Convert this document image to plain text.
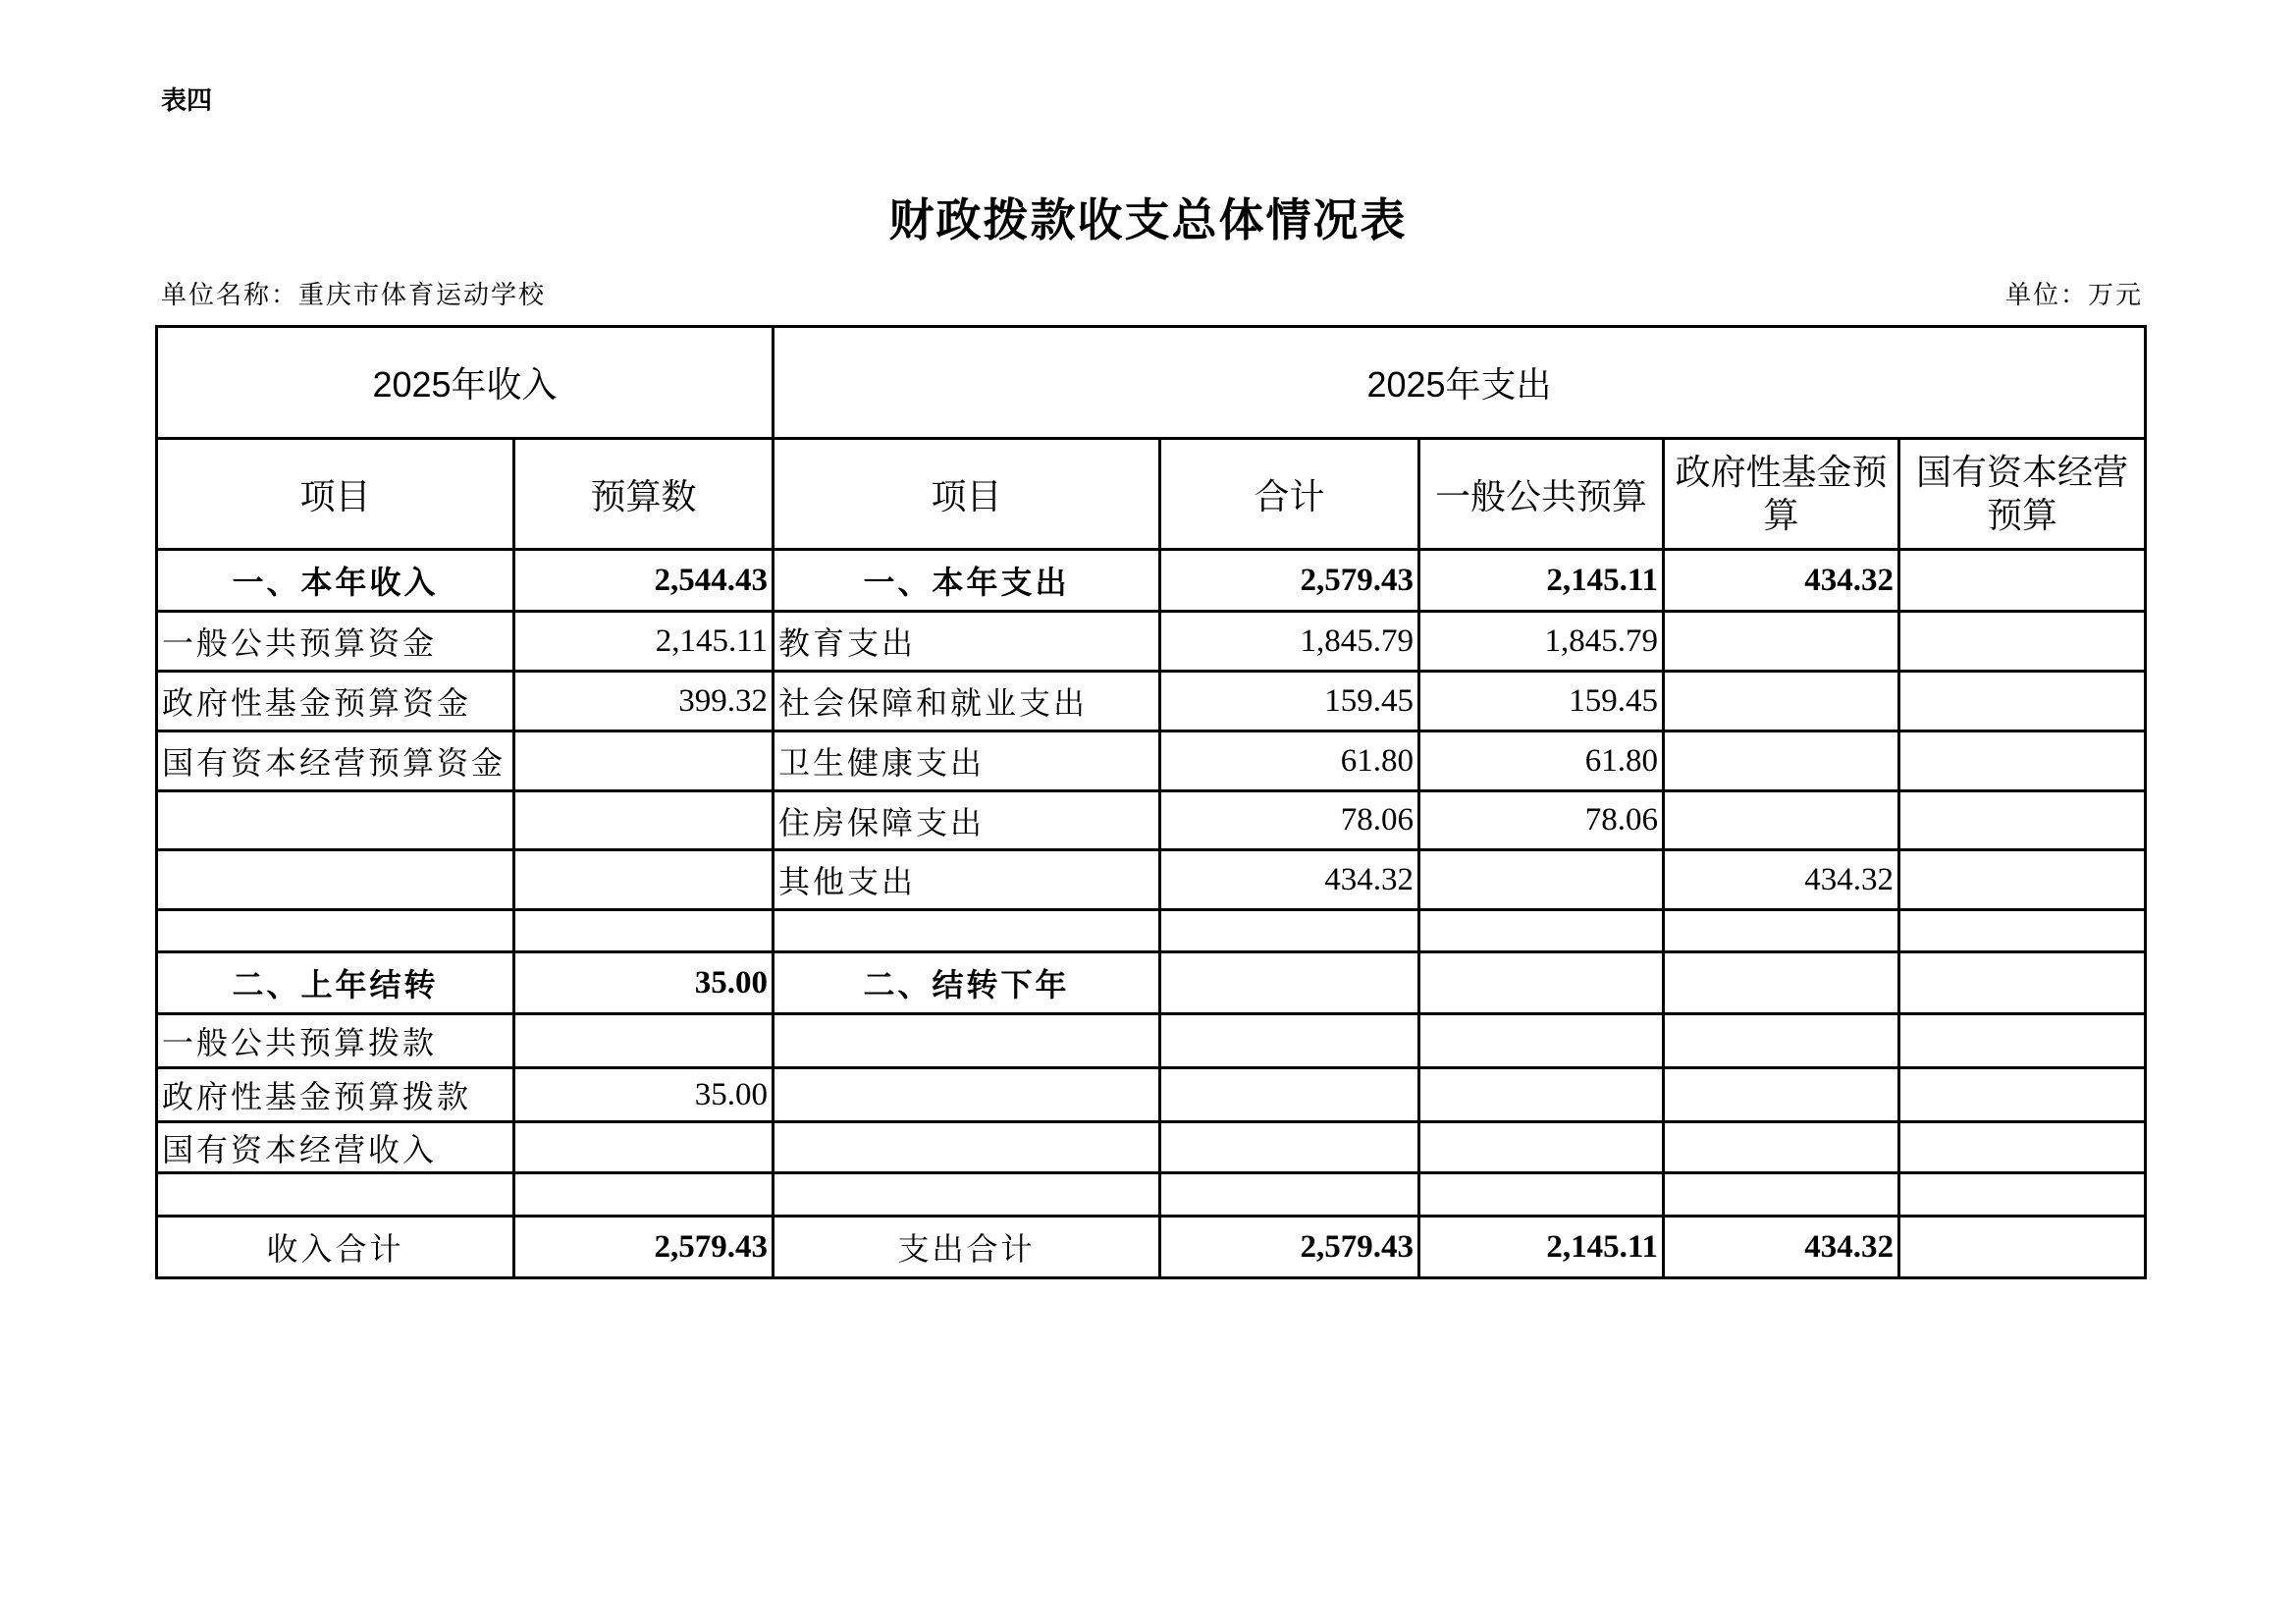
表四
财政拨款收支总体情况表
单位名称：重庆市体育运动学校	单位：万元
2025年收入		2025年支出				
项目	预算数	项目	合计	一般公共预算	政府性基金预算	国有资本经营预算
一、本年收入	2,544.43	一、本年支出	2,579.43	2,145.11	434.32	
一般公共预算资金	2,145.11	教育支出	1,845.79	1,845.79		
政府性基金预算资金	399.32	社会保障和就业支出	159.45	159.45		
国有资本经营预算资金		卫生健康支出	61.80	61.80		
		住房保障支出	78.06	78.06		
		其他支出	434.32		434.32	

二、上年结转	35.00	二、结转下年				
一般公共预算拨款						
政府性基金预算拨款	35.00					
国有资本经营收入						

收入合计	2,579.43	支出合计	2,579.43	2,145.11	434.32	
